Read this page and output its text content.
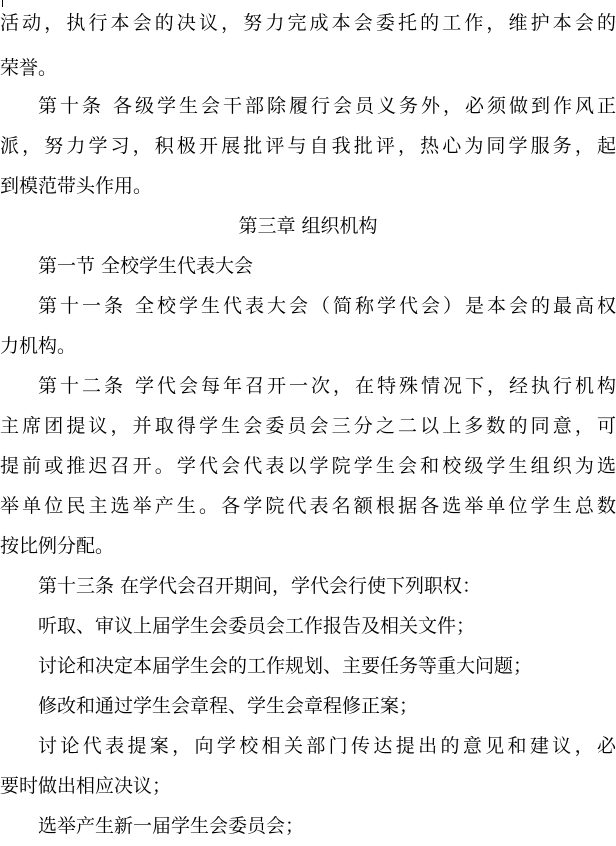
活动，执行本会的决议，努力完成本会委托的工作，维护本会的
荣誉。
第十条 各级学生会干部除履行会员义务外，必须做到作风正
派，努力学习，积极开展批评与自我批评，热心为同学服务，起
到模范带头作用。
第三章 组织机构
第一节 全校学生代表大会
第十一条 全校学生代表大会（简称学代会）是本会的最高权
力机构。
第十二条 学代会每年召开一次，在特殊情况下，经执行机构
主席团提议，并取得学生会委员会三分之二以上多数的同意，可
提前或推迟召开。学代会代表以学院学生会和校级学生组织为选
举单位民主选举产生。各学院代表名额根据各选举单位学生总数
按比例分配。
第十三条 在学代会召开期间，学代会行使下列职权：
听取、审议上届学生会委员会工作报告及相关文件；
讨论和决定本届学生会的工作规划、主要任务等重大问题；
修改和通过学生会章程、学生会章程修正案；
讨论代表提案，向学校相关部门传达提出的意见和建议，必
要时做出相应决议；
选举产生新一届学生会委员会；
